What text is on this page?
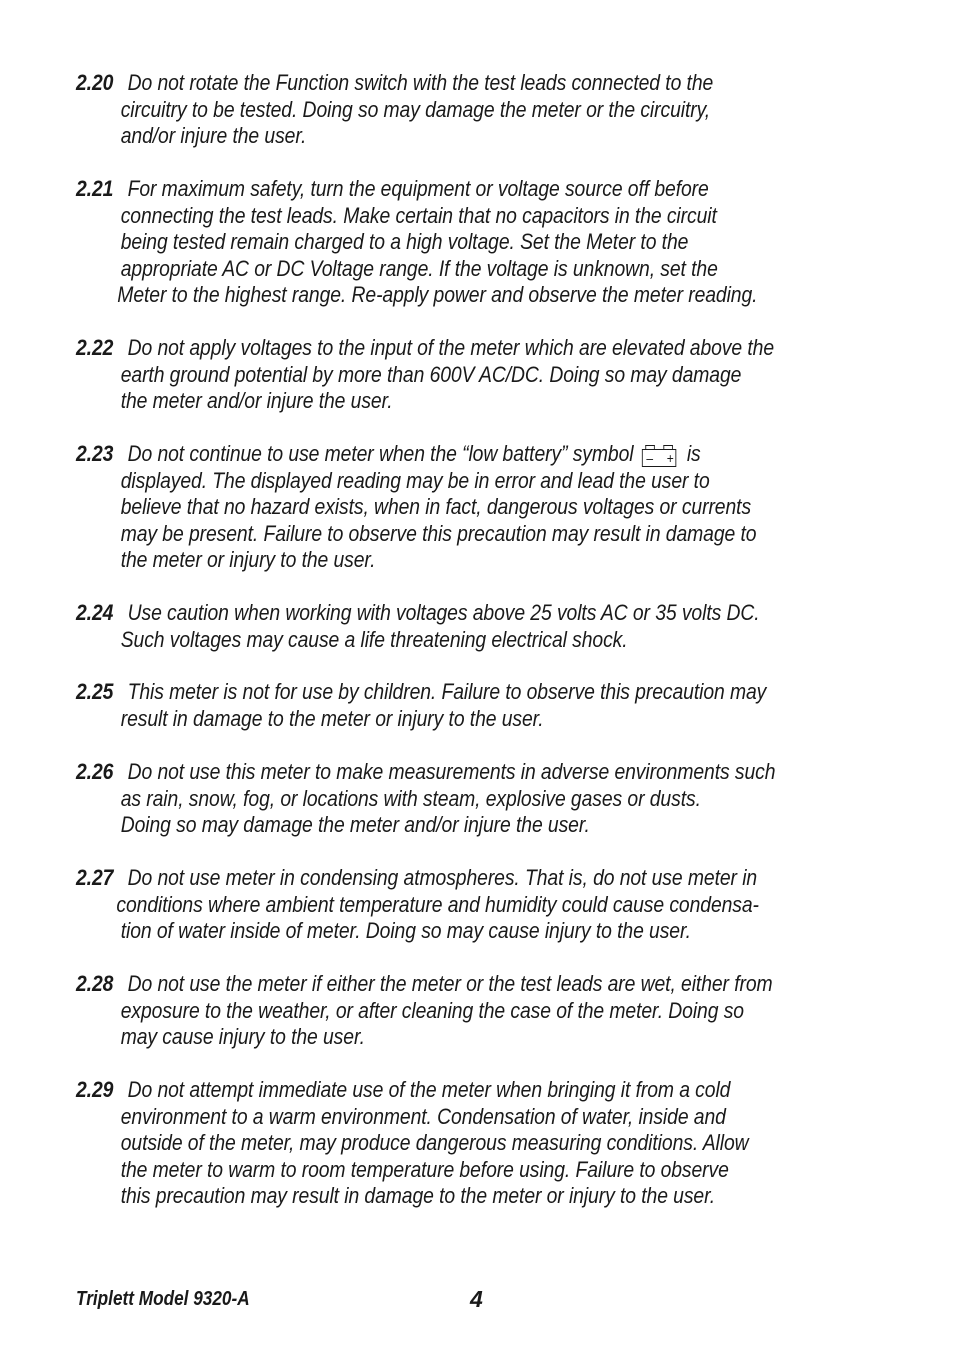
2.20 Do not rotate the Function switch with the test leads connected to the
circuitry to be tested. Doing so may damage the meter or the circuitry,
and/or injure the user.
2.21 For maximum safety, turn the equipment or voltage source off before
connecting the test leads. Make certain that no capacitors in the circuit
being tested remain charged to a high voltage. Set the Meter to the
appropriate AC or DC Voltage range. If the voltage is unknown, set the
Meter to the highest range. Re-apply power and observe the meter reading.
2.22 Do not apply voltages to the input of the meter which are elevated above the
earth ground potential by more than 600V AC/DC. Doing so may damage
the meter and/or injure the user.
2.23 Do not continue to use meter when the “low battery” symbol – + is
displayed. The displayed reading may be in error and lead the user to
believe that no hazard exists, when in fact, dangerous voltages or currents
may be present. Failure to observe this precaution may result in damage to
the meter or injury to the user.
2.24 Use caution when working with voltages above 25 volts AC or 35 volts DC.
Such voltages may cause a life threatening electrical shock.
2.25 This meter is not for use by children. Failure to observe this precaution may
result in damage to the meter or injury to the user.
2.26 Do not use this meter to make measurements in adverse environments such
as rain, snow, fog, or locations with steam, explosive gases or dusts.
Doing so may damage the meter and/or injure the user.
2.27 Do not use meter in condensing atmospheres. That is, do not use meter in
conditions where ambient temperature and humidity could cause condensa-
tion of water inside of meter. Doing so may cause injury to the user.
2.28 Do not use the meter if either the meter or the test leads are wet, either from
exposure to the weather, or after cleaning the case of the meter. Doing so
may cause injury to the user.
2.29 Do not attempt immediate use of the meter when bringing it from a cold
environment to a warm environment. Condensation of water, inside and
outside of the meter, may produce dangerous measuring conditions. Allow
the meter to warm to room temperature before using. Failure to observe
this precaution may result in damage to the meter or injury to the user.
Triplett Model 9320-A	4
